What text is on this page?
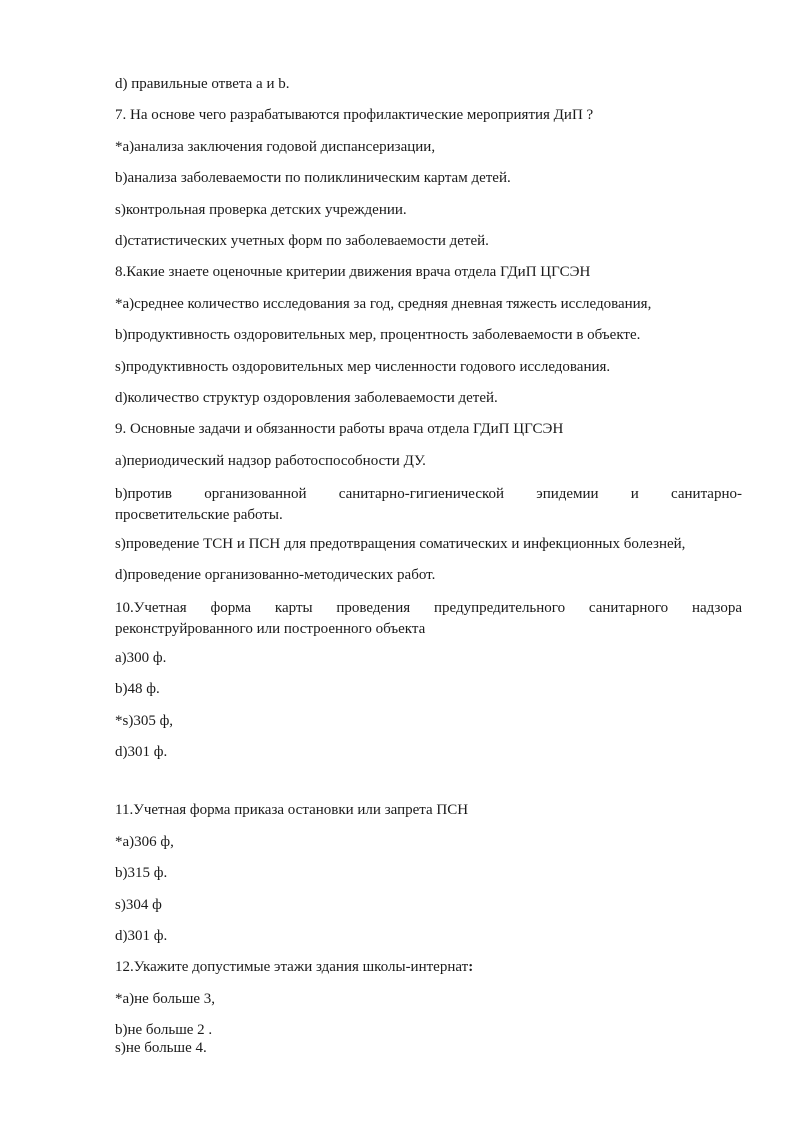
d) правильные ответа а и b.
7. На основе чего разрабатываются профилактические мероприятия ДиП ?
*а)анализа заключения годовой диспансеризации,
b)анализа заболеваемости по поликлиническим картам детей.
s)контрольная проверка детских учреждении.
d)статистических учетных форм по заболеваемости детей.
8.Какие знаете оценочные критерии движения врача отдела ГДиП ЦГСЭН
*а)среднее количество исследования за год, средняя дневная тяжесть исследования,
b)продуктивность оздоровительных мер, процентность заболеваемости в объекте.
s)продуктивность оздоровительных мер численности годового исследования.
d)количество структур оздоровления заболеваемости детей.
9. Основные задачи и обязанности работы врача отдела ГДиП ЦГСЭН
а)периодический надзор работоспособности ДУ.
b)против организованной санитарно-гигиенической эпидемии и санитарно-
просветительские работы.
s)проведение ТСН и ПСН для предотвращения соматических и инфекционных болезней,
d)проведение организованно-методических работ.
10.Учетная форма карты проведения предупредительного санитарного надзора
реконструйрованного или построенного объекта
а)300 ф.
b)48 ф.
*s)305 ф,
d)301 ф.
11.Учетная форма приказа остановки или запрета ПСН
*а)306 ф,
b)315 ф.
s)304 ф
d)301 ф.
12.Укажите допустимые этажи здания школы-интернат:
*а)не больше 3,
b)не больше 2 .
s)не больше 4.
